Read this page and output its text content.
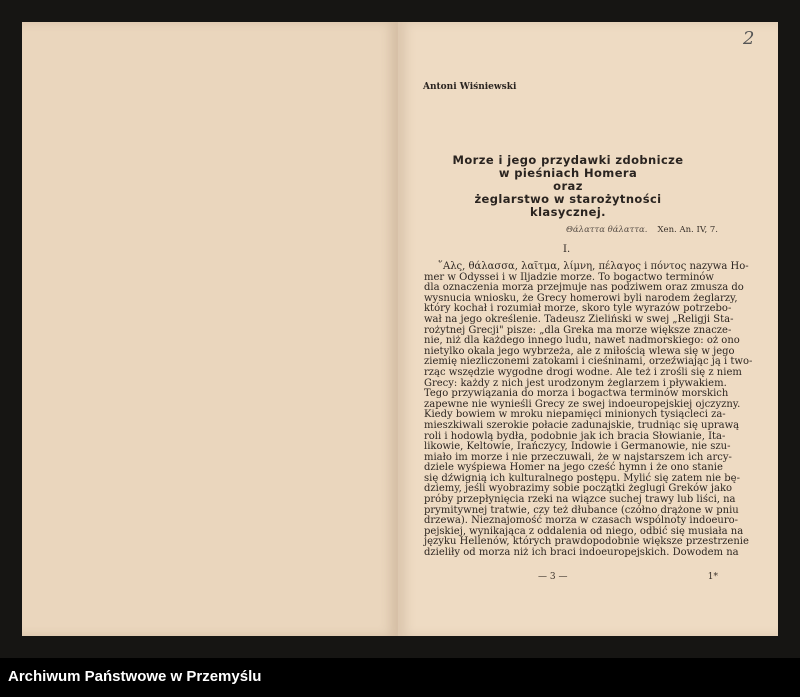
Antoni Wiśniewski
Morze i jego przydawki zdobnicze
w pieśniach Homera
oraz
żeglarstwo w starożytności
klasycznej.
Θάλαττα θάλαττα. Xen. An. IV, 7.
I.
῞Αλς, θάλασσα, λαῖτμα, λίμνη, πέλαγος i πόντος nazywa Ho-
mer w Odyssei i w Iljadzie morze. To bogactwo terminów
dla oznaczenia morza przejmuje nas podziwem oraz zmusza do
wysnucia wniosku, że Grecy homerowi byli narodem żeglarzy,
który kochał i rozumiał morze, skoro tyle wyrazów potrzebo-
wał na jego określenie. Tadeusz Zieliński w swej „Religji Sta-
rożytnej Grecji" pisze: „dla Greka ma morze większe znacze-
nie, niż dla każdego innego ludu, nawet nadmorskiego: oż ono
nietylko okala jego wybrzeża, ale z miłością wlewa się w jego
ziemię niezliczonemi zatokami i cieśninami, orzeźwiając ją i two-
rząc wszędzie wygodne drogi wodne. Ale też i zrośli się z niem
Grecy: każdy z nich jest urodzonym żeglarzem i pływakiem.
Tego przywiązania do morza i bogactwa terminów morskich
zapewne nie wynieśli Grecy ze swej indoeuropejskiej ojczyzny.
Kiedy bowiem w mroku niepamięci minionych tysiącleci za-
mieszkiwali szerokie połacie zadunajskie, trudniąc się uprawą
roli i hodowlą bydła, podobnie jak ich bracia Słowianie, Ita-
likowie, Keltowie, Irańczycy, Indowie i Germanowie, nie szu-
miało im morze i nie przeczuwali, że w najstarszem ich arcy-
dziele wyśpiewa Homer na jego cześć hymn i że ono stanie
się dźwignią ich kulturalnego postępu. Mylić się zatem nie bę-
dziemy, jeśli wyobrazimy sobie początki żeglugi Greków jako
próby przepłynięcia rzeki na wiązce suchej trawy lub liści, na
prymitywnej tratwie, czy też dłubance (czółno drążone w pniu
drzewa). Nieznajomość morza w czasach wspólnoty indoeuro-
pejskiej, wynikająca z oddalenia od niego, odbić się musiała na
języku Hellenów, których prawdopodobnie większe przestrzenie
dzieliły od morza niż ich braci indoeuropejskich. Dowodem na
— 3 —	1*
2
Archiwum Państwowe w Przemyślu
